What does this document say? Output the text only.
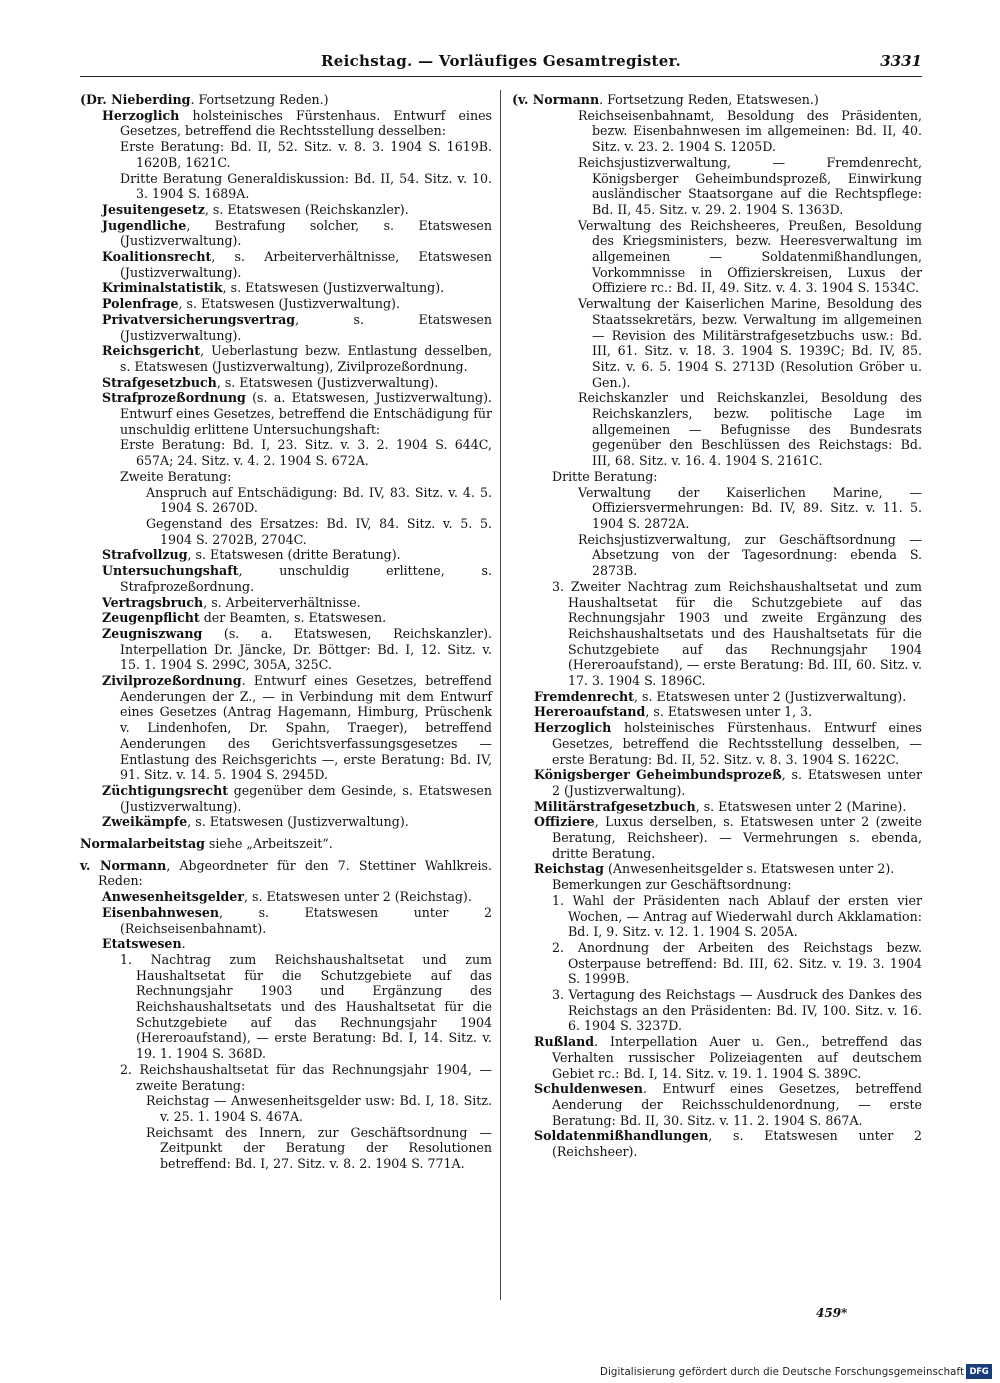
Reichstag. — Vorläufiges Gesamtregister.	3331

(Dr. Nieberding. Fortsetzung Reden.)

Herzoglich holsteinisches Fürstenhaus. Entwurf eines Gesetzes, betreffend die Rechtsstellung desselben:

Erste Beratung: Bd. II, 52. Sitz. v. 8. 3. 1904 S. 1619B. 1620B, 1621C.

Dritte Beratung Generaldiskussion: Bd. II, 54. Sitz. v. 10. 3. 1904 S. 1689A.

Jesuitengesetz, s. Etatswesen (Reichskanzler).

Jugendliche, Bestrafung solcher, s. Etatswesen (Justizverwaltung).

Koalitionsrecht, s. Arbeiterverhältnisse, Etatswesen (Justizverwaltung).

Kriminalstatistik, s. Etatswesen (Justizverwaltung).

Polenfrage, s. Etatswesen (Justizverwaltung).

Privatversicherungsvertrag, s. Etatswesen (Justizverwaltung).

Reichsgericht, Ueberlastung bezw. Entlastung desselben, s. Etatswesen (Justizverwaltung), Zivilprozeßordnung.

Strafgesetzbuch, s. Etatswesen (Justizverwaltung).

Strafprozeßordnung (s. a. Etatswesen, Justizverwaltung). Entwurf eines Gesetzes, betreffend die Entschädigung für unschuldig erlittene Untersuchungshaft:

Erste Beratung: Bd. I, 23. Sitz. v. 3. 2. 1904 S. 644C, 657A; 24. Sitz. v. 4. 2. 1904 S. 672A.

Zweite Beratung:

Anspruch auf Entschädigung: Bd. IV, 83. Sitz. v. 4. 5. 1904 S. 2670D.

Gegenstand des Ersatzes: Bd. IV, 84. Sitz. v. 5. 5. 1904 S. 2702B, 2704C.

Strafvollzug, s. Etatswesen (dritte Beratung).

Untersuchungshaft, unschuldig erlittene, s. Strafprozeßordnung.

Vertragsbruch, s. Arbeiterverhältnisse.

Zeugenpflicht der Beamten, s. Etatswesen.

Zeugniszwang (s. a. Etatswesen, Reichskanzler). Interpellation Dr. Jäncke, Dr. Böttger: Bd. I, 12. Sitz. v. 15. 1. 1904 S. 299C, 305A, 325C.

Zivilprozeßordnung. Entwurf eines Gesetzes, betreffend Aenderungen der Z., — in Verbindung mit dem Entwurf eines Gesetzes (Antrag Hagemann, Himburg, Prüschenk v. Lindenhofen, Dr. Spahn, Traeger), betreffend Aenderungen des Gerichtsverfassungsgesetzes — Entlastung des Reichsgerichts —, erste Beratung: Bd. IV, 91. Sitz. v. 14. 5. 1904 S. 2945D.

Züchtigungsrecht gegenüber dem Gesinde, s. Etatswesen (Justizverwaltung).

Zweikämpfe, s. Etatswesen (Justizverwaltung).

Normalarbeitstag siehe „Arbeitszeit“.

v. Normann, Abgeordneter für den 7. Stettiner Wahlkreis. Reden:

Anwesenheitsgelder, s. Etatswesen unter 2 (Reichstag).

Eisenbahnwesen, s. Etatswesen unter 2 (Reichseisenbahnamt).

Etatswesen.

1. Nachtrag zum Reichshaushaltsetat und zum Haushaltsetat für die Schutzgebiete auf das Rechnungsjahr 1903 und Ergänzung des Reichshaushaltsetats und des Haushaltsetat für die Schutzgebiete auf das Rechnungsjahr 1904 (Hereroaufstand), — erste Beratung: Bd. I, 14. Sitz. v. 19. 1. 1904 S. 368D.

2. Reichshaushaltsetat für das Rechnungsjahr 1904, — zweite Beratung:

Reichstag — Anwesenheitsgelder usw: Bd. I, 18. Sitz. v. 25. 1. 1904 S. 467A.

Reichsamt des Innern, zur Geschäftsordnung — Zeitpunkt der Beratung der Resolutionen betreffend: Bd. I, 27. Sitz. v. 8. 2. 1904 S. 771A.

(v. Normann. Fortsetzung Reden, Etatswesen.)

Reichseisenbahnamt, Besoldung des Präsidenten, bezw. Eisenbahnwesen im allgemeinen: Bd. II, 40. Sitz. v. 23. 2. 1904 S. 1205D.

Reichsjustizverwaltung, — Fremdenrecht, Königsberger Geheimbundsprozeß, Einwirkung ausländischer Staatsorgane auf die Rechtspflege: Bd. II, 45. Sitz. v. 29. 2. 1904 S. 1363D.

Verwaltung des Reichsheeres, Preußen, Besoldung des Kriegsministers, bezw. Heeresverwaltung im allgemeinen — Soldatenmißhandlungen, Vorkommnisse in Offizierskreisen, Luxus der Offiziere rc.: Bd. II, 49. Sitz. v. 4. 3. 1904 S. 1534C.

Verwaltung der Kaiserlichen Marine, Besoldung des Staatssekretärs, bezw. Verwaltung im allgemeinen — Revision des Militärstrafgesetzbuchs usw.: Bd. III, 61. Sitz. v. 18. 3. 1904 S. 1939C; Bd. IV, 85. Sitz. v. 6. 5. 1904 S. 2713D (Resolution Gröber u. Gen.).

Reichskanzler und Reichskanzlei, Besoldung des Reichskanzlers, bezw. politische Lage im allgemeinen — Befugnisse des Bundesrats gegenüber den Beschlüssen des Reichstags: Bd. III, 68. Sitz. v. 16. 4. 1904 S. 2161C.

Dritte Beratung:

Verwaltung der Kaiserlichen Marine, — Offiziersvermehrungen: Bd. IV, 89. Sitz. v. 11. 5. 1904 S. 2872A.

Reichsjustizverwaltung, zur Geschäftsordnung — Absetzung von der Tagesordnung: ebenda S. 2873B.

3. Zweiter Nachtrag zum Reichshaushaltsetat und zum Haushaltsetat für die Schutzgebiete auf das Rechnungsjahr 1903 und zweite Ergänzung des Reichshaushaltsetats und des Haushaltsetats für die Schutzgebiete auf das Rechnungsjahr 1904 (Hereroaufstand), — erste Beratung: Bd. III, 60. Sitz. v. 17. 3. 1904 S. 1896C.

Fremdenrecht, s. Etatswesen unter 2 (Justizverwaltung).

Hereroaufstand, s. Etatswesen unter 1, 3.

Herzoglich holsteinisches Fürstenhaus. Entwurf eines Gesetzes, betreffend die Rechtsstellung desselben, — erste Beratung: Bd. II, 52. Sitz. v. 8. 3. 1904 S. 1622C.

Königsberger Geheimbundsprozeß, s. Etatswesen unter 2 (Justizverwaltung).

Militärstrafgesetzbuch, s. Etatswesen unter 2 (Marine).

Offiziere, Luxus derselben, s. Etatswesen unter 2 (zweite Beratung, Reichsheer). — Vermehrungen s. ebenda, dritte Beratung.

Reichstag (Anwesenheitsgelder s. Etatswesen unter 2).

Bemerkungen zur Geschäftsordnung:

1. Wahl der Präsidenten nach Ablauf der ersten vier Wochen, — Antrag auf Wiederwahl durch Akklamation: Bd. I, 9. Sitz. v. 12. 1. 1904 S. 205A.

2. Anordnung der Arbeiten des Reichstags bezw. Osterpause betreffend: Bd. III, 62. Sitz. v. 19. 3. 1904 S. 1999B.

3. Vertagung des Reichstags — Ausdruck des Dankes des Reichstags an den Präsidenten: Bd. IV, 100. Sitz. v. 16. 6. 1904 S. 3237D.

Rußland. Interpellation Auer u. Gen., betreffend das Verhalten russischer Polizeiagenten auf deutschem Gebiet rc.: Bd. I, 14. Sitz. v. 19. 1. 1904 S. 389C.

Schuldenwesen. Entwurf eines Gesetzes, betreffend Aenderung der Reichsschuldenordnung, — erste Beratung: Bd. II, 30. Sitz. v. 11. 2. 1904 S. 867A.

Soldatenmißhandlungen, s. Etatswesen unter 2 (Reichsheer).

459*
Digitalisierung gefördert durch die Deutsche Forschungsgemeinschaft DFG
